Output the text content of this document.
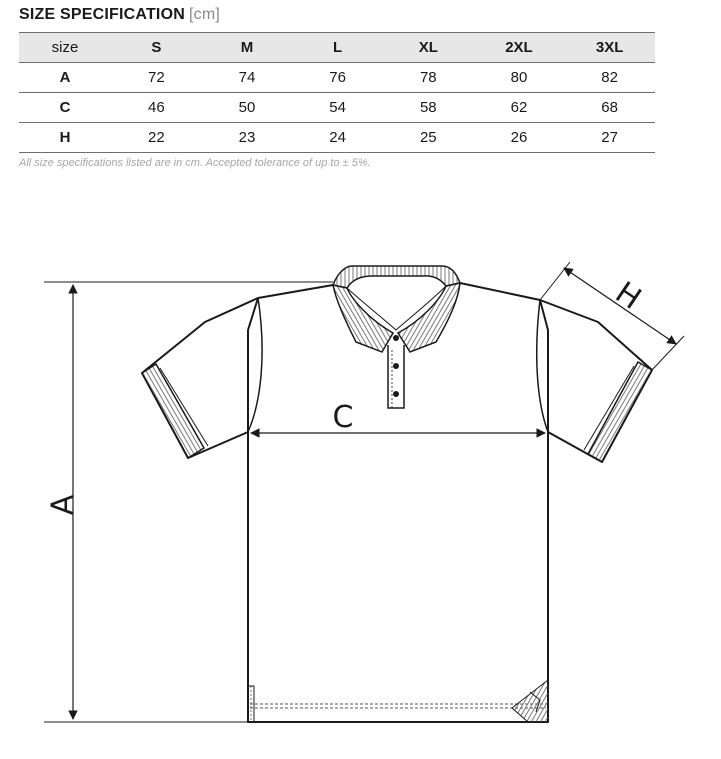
SIZE SPECIFICATION [cm]
size	S	M	L	XL	2XL	3XL
A	72	74	76	78	80	82
C	46	50	54	58	62	68
H	22	23	24	25	26	27
All size specifications listed are in cm. Accepted tolerance of up to ± 5%.
A
C
H
